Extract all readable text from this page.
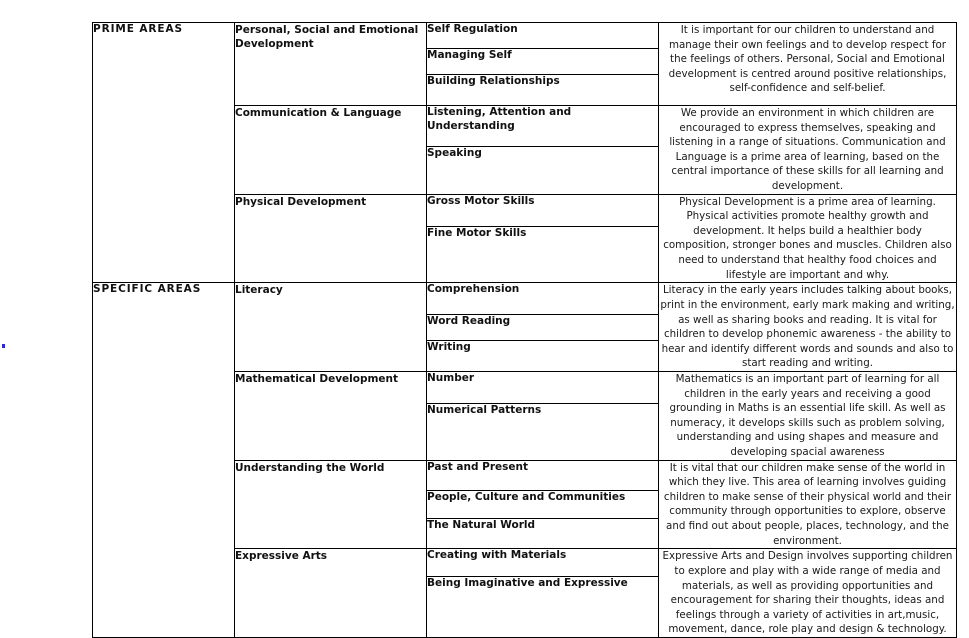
PRIME AREAS	Personal, Social and Emotional Development	Self Regulation	It is important for our children to understand and manage their own feelings and to develop respect for the feelings of others. Personal, Social and Emotional development is centred around positive relationships, self-confidence and self-belief.

		Managing Self	

		Building Relationships	

	Communication & Language	Listening, Attention and Understanding	We provide an environment in which children are encouraged to express themselves, speaking and listening in a range of situations. Communication and Language is a prime area of learning, based on the central importance of these skills for all learning and development.

		Speaking	

	Physical Development	Gross Motor Skills	Physical Development is a prime area of learning. Physical activities promote healthy growth and development. It helps build a healthier body composition, stronger bones and muscles. Children also need to understand that healthy food choices and lifestyle are important and why.

		Fine Motor Skills	

SPECIFIC AREAS	Literacy	Comprehension	Literacy in the early years includes talking about books, print in the environment, early mark making and writing, as well as sharing books and reading. It is vital for children to develop phonemic awareness - the ability to hear and identify different words and sounds and also to start reading and writing.

		Word Reading	

		Writing	

	Mathematical Development	Number	Mathematics is an important part of learning for all children in the early years and receiving a good grounding in Maths is an essential life skill. As well as numeracy, it develops skills such as problem solving, understanding and using shapes and measure and developing spacial awareness

		Numerical Patterns	

	Understanding the World	Past and Present	It is vital that our children make sense of the world in which they live. This area of learning involves guiding children to make sense of their physical world and their community through opportunities to explore, observe and find out about people, places, technology, and the environment.

		People, Culture and Communities	

		The Natural World	

	Expressive Arts	Creating with Materials	Expressive Arts and Design involves supporting children to explore and play with a wide range of media and materials, as well as providing opportunities and encouragement for sharing their thoughts, ideas and feelings through a variety of activities in art,music, movement, dance, role play and design & technology.

		Being Imaginative and Expressive	
